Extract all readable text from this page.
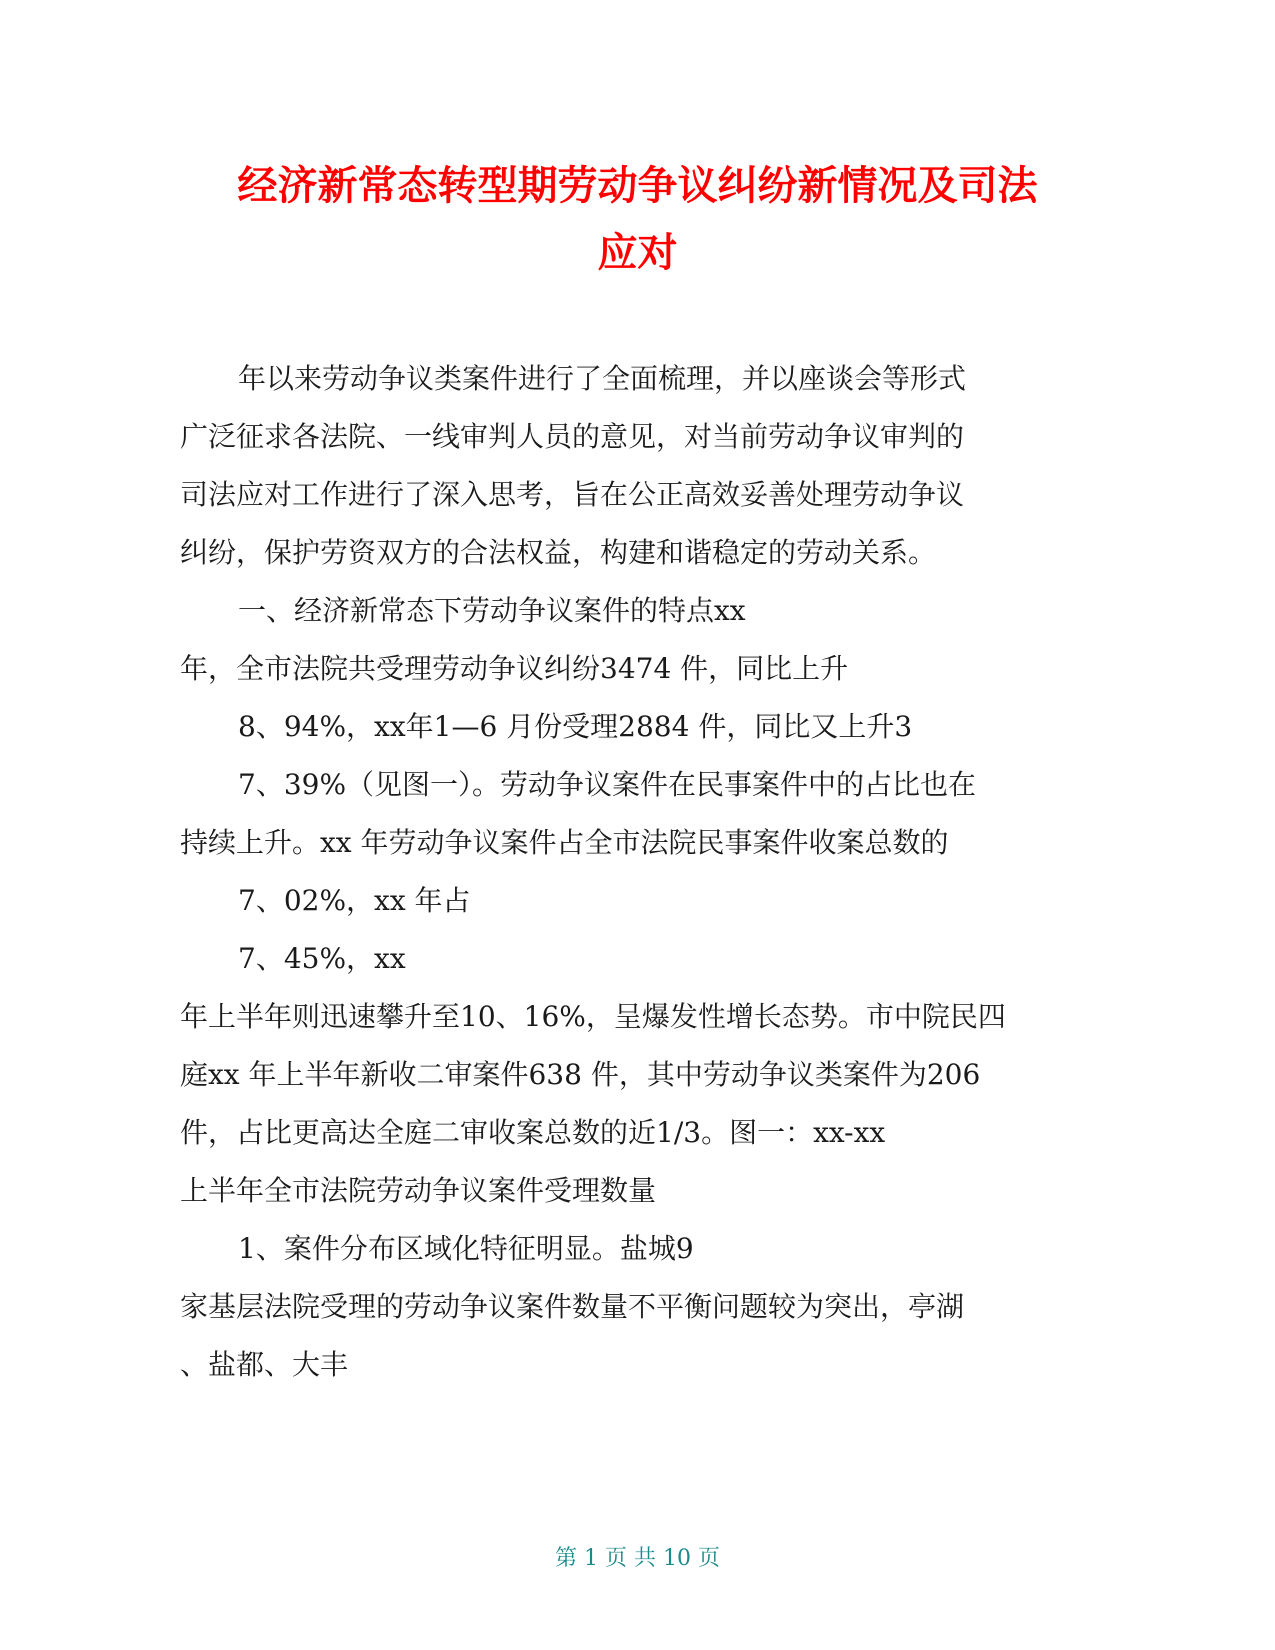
经济新常态转型期劳动争议纠纷新情况及司法
应对

年以来劳动争议类案件进行了全面梳理，并以座谈会等形式

广泛征求各法院、一线审判人员的意见，对当前劳动争议审判的

司法应对工作进行了深入思考，旨在公正高效妥善处理劳动争议

纠纷，保护劳资双方的合法权益，构建和谐稳定的劳动关系。

一、经济新常态下劳动争议案件的特点xx

年，全市法院共受理劳动争议纠纷3474 件，同比上升

8、94%，xx年1—6 月份受理2884 件，同比又上升3

7、39%（见图一）。劳动争议案件在民事案件中的占比也在

持续上升。xx 年劳动争议案件占全市法院民事案件收案总数的

7、02%，xx 年占

7、45%，xx

年上半年则迅速攀升至10、16%，呈爆发性增长态势。市中院民四

庭xx 年上半年新收二审案件638 件，其中劳动争议类案件为206

件，占比更高达全庭二审收案总数的近1/3。图一：xx-xx

上半年全市法院劳动争议案件受理数量

1、案件分布区域化特征明显。盐城9

家基层法院受理的劳动争议案件数量不平衡问题较为突出，亭湖

、盐都、大丰

第 1 页 共 10 页
